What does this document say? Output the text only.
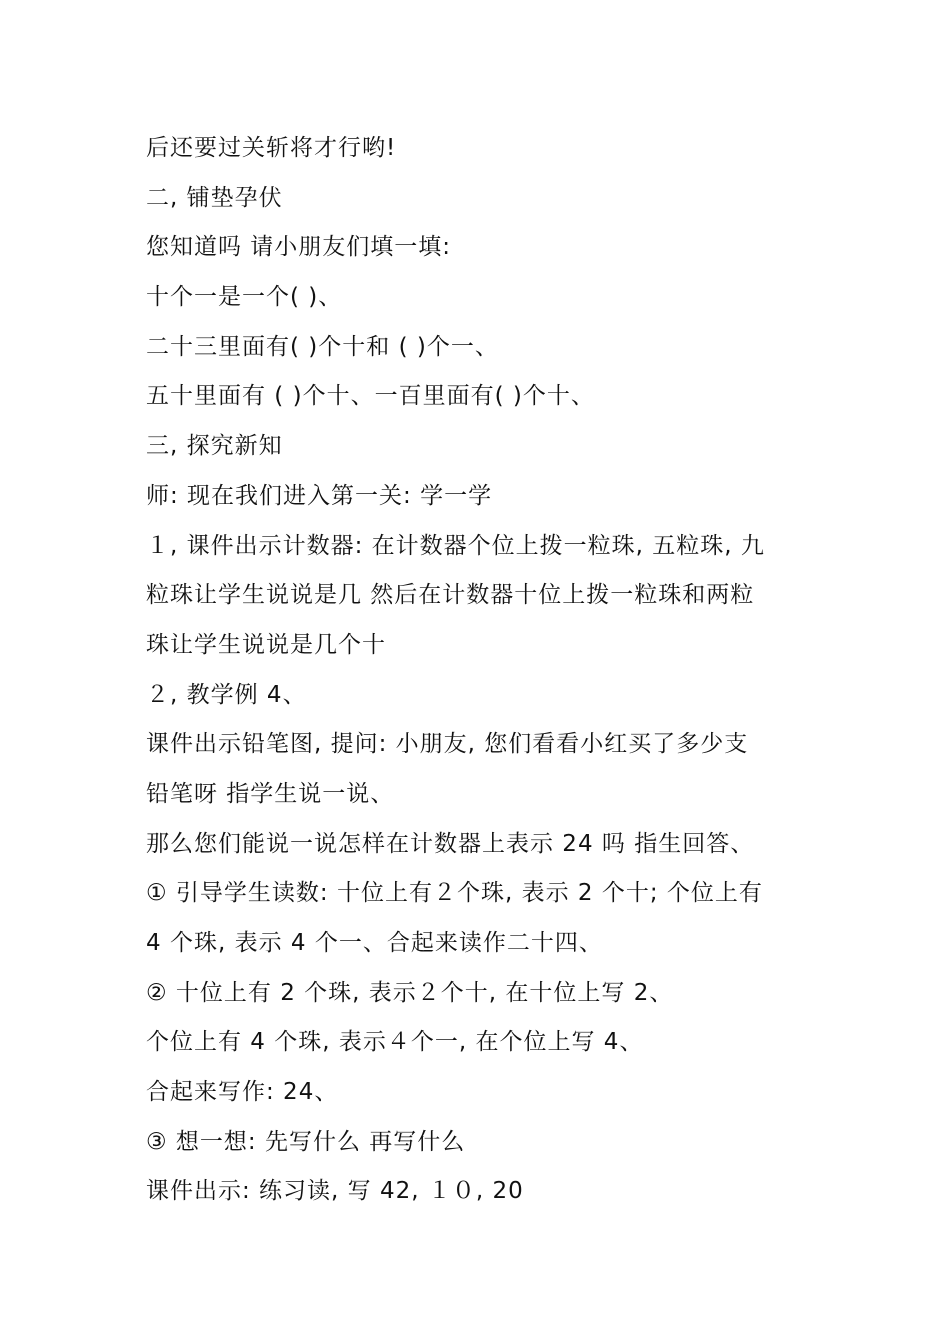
后还要过关斩将才行哟!
二, 铺垫孕伏
您知道吗 请小朋友们填一填:
十个一是一个( )、
二十三里面有( )个十和 ( )个一、
五十里面有 ( )个十、一百里面有( )个十、
三, 探究新知
师: 现在我们进入第一关: 学一学
１, 课件出示计数器: 在计数器个位上拨一粒珠, 五粒珠, 九
粒珠让学生说说是几 然后在计数器十位上拨一粒珠和两粒
珠让学生说说是几个十
２, 教学例 4、
课件出示铅笔图, 提问: 小朋友, 您们看看小红买了多少支
铅笔呀 指学生说一说、
那么您们能说一说怎样在计数器上表示 24 吗 指生回答、
① 引导学生读数: 十位上有２个珠, 表示 2 个十; 个位上有
4 个珠, 表示 4 个一、合起来读作二十四、
② 十位上有 2 个珠, 表示２个十, 在十位上写 2、
个位上有 4 个珠, 表示４个一, 在个位上写 4、
合起来写作: 24、
③ 想一想: 先写什么 再写什么
课件出示: 练习读, 写 42, １０, 20
